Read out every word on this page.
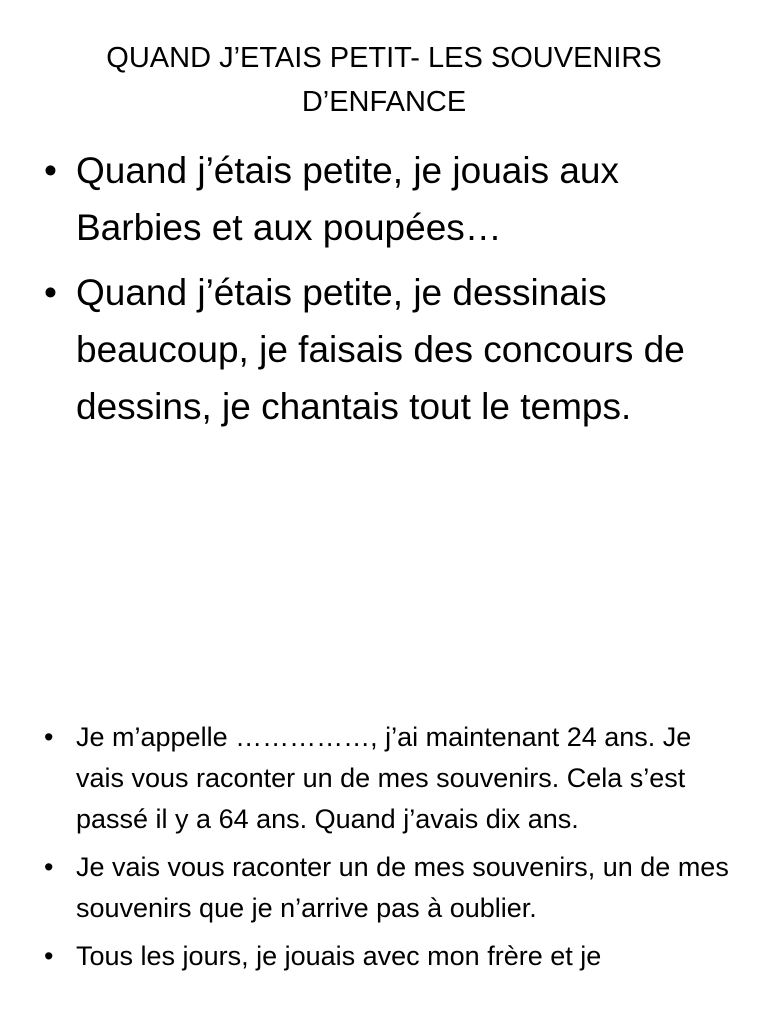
QUAND J’ETAIS PETIT- LES SOUVENIRS D’ENFANCE
• Quand j’étais petite, je jouais aux Barbies et aux poupées…
• Quand j’étais petite, je dessinais beaucoup, je faisais des concours de dessins, je chantais tout le temps.
• Je m’appelle ……………, j’ai maintenant 24 ans. Je vais vous raconter un de mes souvenirs. Cela s’est passé il y a 64 ans. Quand j’avais dix ans.
• Je vais vous raconter un de mes souvenirs, un de mes souvenirs que je n’arrive pas à oublier.
• Tous les jours, je jouais avec mon frère et je
